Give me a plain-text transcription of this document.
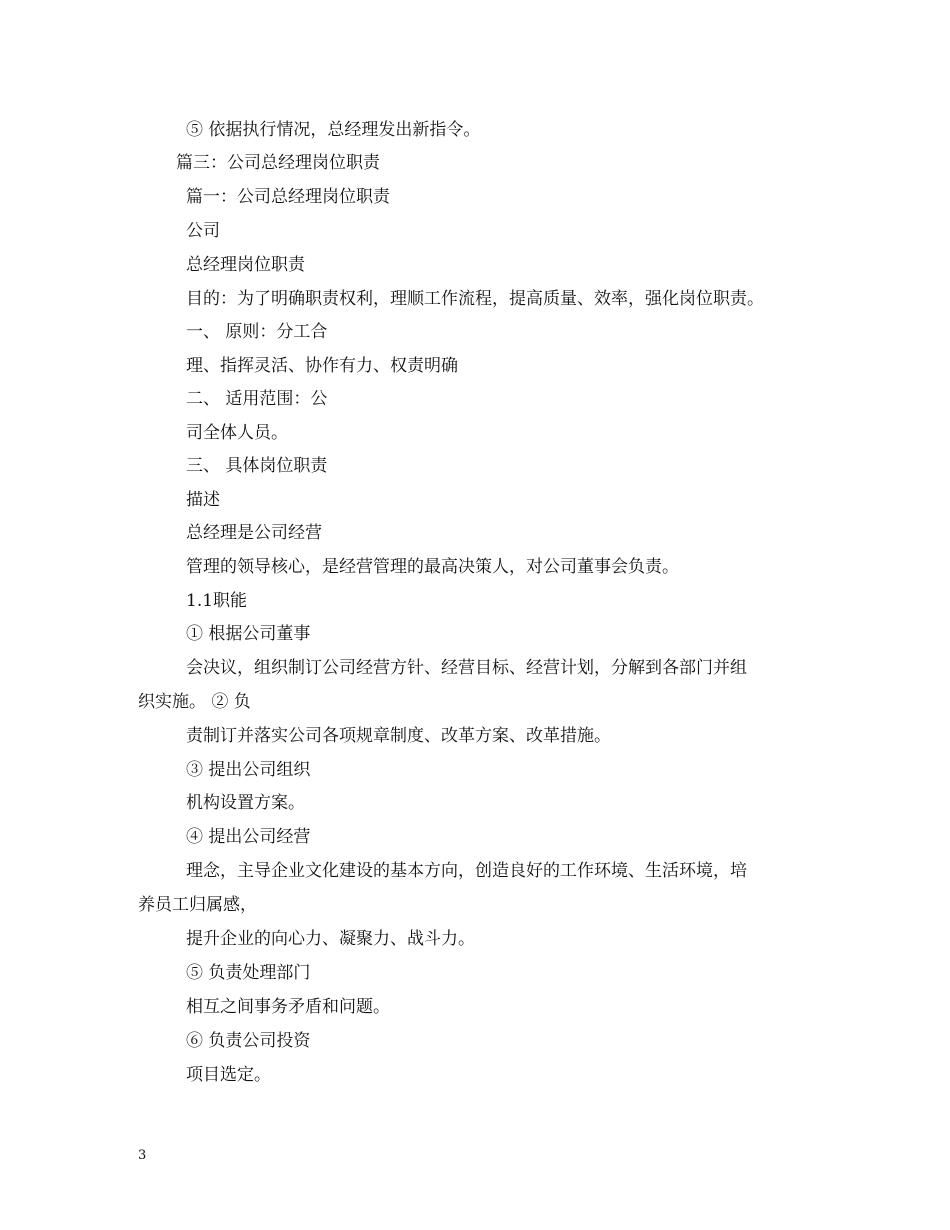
⑤ 依据执行情况，总经理发出新指令。
篇三：公司总经理岗位职责
篇一：公司总经理岗位职责
公司
总经理岗位职责
目的：为了明确职责权利，理顺工作流程，提高质量、效率，强化岗位职责。
一、 原则：分工合
理、指挥灵活、协作有力、权责明确
二、 适用范围：公
司全体人员。
三、 具体岗位职责
描述
总经理是公司经营
管理的领导核心，是经营管理的最高决策人，对公司董事会负责。
1.1职能
① 根据公司董事
会决议，组织制订公司经营方针、经营目标、经营计划，分解到各部门并组
织实施。 ② 负
责制订并落实公司各项规章制度、改革方案、改革措施。
③ 提出公司组织
机构设置方案。
④ 提出公司经营
理念，主导企业文化建设的基本方向，创造良好的工作环境、生活环境，培
养员工归属感，
提升企业的向心力、凝聚力、战斗力。
⑤ 负责处理部门
相互之间事务矛盾和问题。
⑥ 负责公司投资
项目选定。
3
